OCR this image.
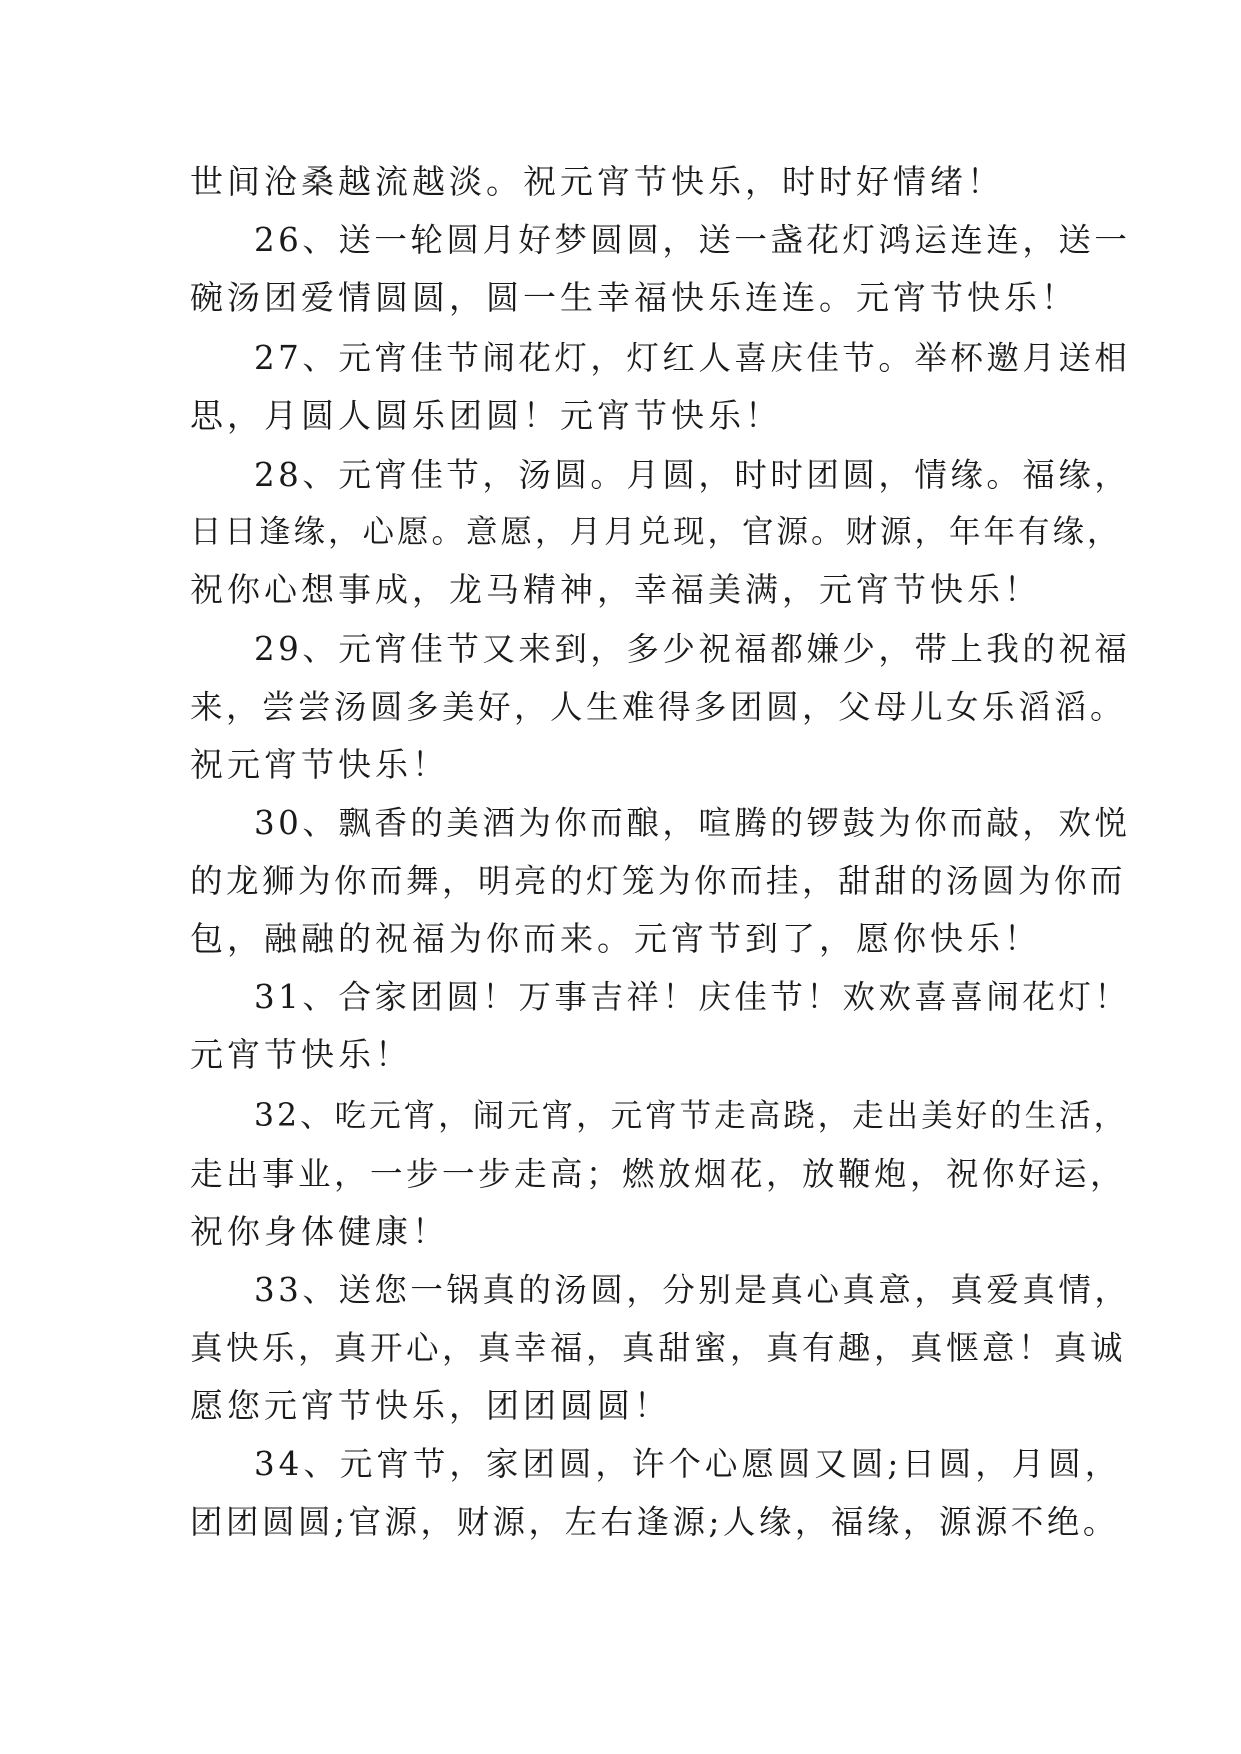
世间沧桑越流越淡。祝元宵节快乐，时时好情绪！
26、送一轮圆月好梦圆圆，送一盏花灯鸿运连连，送一
碗汤团爱情圆圆，圆一生幸福快乐连连。元宵节快乐！
27、元宵佳节闹花灯，灯红人喜庆佳节。举杯邀月送相
思，月圆人圆乐团圆！元宵节快乐！
28、元宵佳节，汤圆。月圆，时时团圆，情缘。福缘，
日日逢缘，心愿。意愿，月月兑现，官源。财源，年年有缘，
祝你心想事成，龙马精神，幸福美满，元宵节快乐！
29、元宵佳节又来到，多少祝福都嫌少，带上我的祝福
来，尝尝汤圆多美好，人生难得多团圆，父母儿女乐滔滔。
祝元宵节快乐！
30、飘香的美酒为你而酿，喧腾的锣鼓为你而敲，欢悦
的龙狮为你而舞，明亮的灯笼为你而挂，甜甜的汤圆为你而
包，融融的祝福为你而来。元宵节到了，愿你快乐！
31、合家团圆！万事吉祥！庆佳节！欢欢喜喜闹花灯！
元宵节快乐！
32、吃元宵，闹元宵，元宵节走高跷，走出美好的生活，
走出事业，一步一步走高；燃放烟花，放鞭炮，祝你好运，
祝你身体健康！
33、送您一锅真的汤圆，分别是真心真意，真爱真情，
真快乐，真开心，真幸福，真甜蜜，真有趣，真惬意！真诚
愿您元宵节快乐，团团圆圆！
34、元宵节，家团圆，许个心愿圆又圆;日圆，月圆，
团团圆圆;官源，财源，左右逢源;人缘，福缘，源源不绝。
